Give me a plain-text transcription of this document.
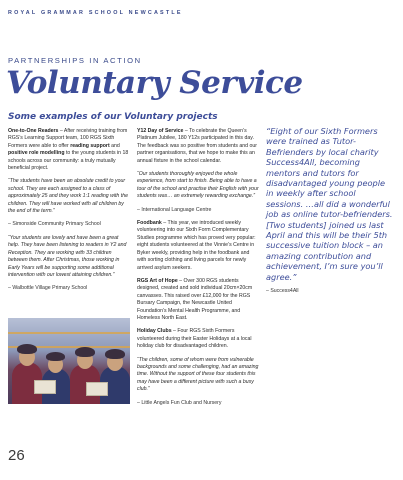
ROYAL GRAMMAR SCHOOL NEWCASTLE
PARTNERSHIPS IN ACTION
Voluntary Service
Some examples of our Voluntary projects

One-to-One Readers – After receiving training from RGS’s Learning Support team, 100 RGS Sixth Formers were able to offer reading support and positive role modelling to the young students in 18 schools across our community: a truly mutually beneficial project.

“The students have been an absolute credit to your school. They are each assigned to a class of approximately 25 and they work 1:1 reading with the children. They will have worked with all children by the end of the term.”

– Simonside Community Primary School

“Your students are lovely and have been a great help. They have been listening to readers in Y2 and Reception. They are working with 33 children between them. After Christmas, those working in Early Years will be supporting some additional intervention with our lowest attaining children.”

– Walbottle Village Primary School

Y12 Day of Service – To celebrate the Queen’s Platinum Jubilee, 180 Y12s participated in this day. The feedback was so positive from students and our partner organisations, that we hope to make this an annual fixture in the school calendar.

“Our students thoroughly enjoyed the whole experience, from start to finish. Being able to have a tour of the school and practise their English with your students was… an extremely rewarding exchange.”

– International Language Centre

Foodbank – This year, we introduced weekly volunteering into our Sixth Form Complementary Studies programme which has proved very popular: eight students volunteered at the Vinnie’s Centre in Byker weekly, providing help in the foodbank and with sorting clothing and living parcels for newly arrived asylum seekers.

RGS Art of Hope – Over 300 RGS students designed, created and sold individual 20cm×20cm canvasses. This raised over £12,000 for the RGS Bursary Campaign, the Newcastle United Foundation’s Mental Health Programme, and Homeless North East.

Holiday Clubs – Four RGS Sixth Formers volunteered during their Easter Holidays at a local holiday club for disadvantaged children.

“The children, some of whom were from vulnerable backgrounds and some challenging, had an amazing time. Without the support of these four students this may have been a different picture with such a busy club.”

– Little Angels Fun Club and Nursery

“Eight of our Sixth Formers were trained as Tutor-Befrienders by local charity Success4All, becoming mentors and tutors for disadvantaged young people in weekly after school sessions. …all did a wonderful job as online tutor-befrienders. [Two students] joined us last April and this will be their 5th successive tuition block – an amazing contribution and achievement, I’m sure you’ll agree.”

– Success4All

26
